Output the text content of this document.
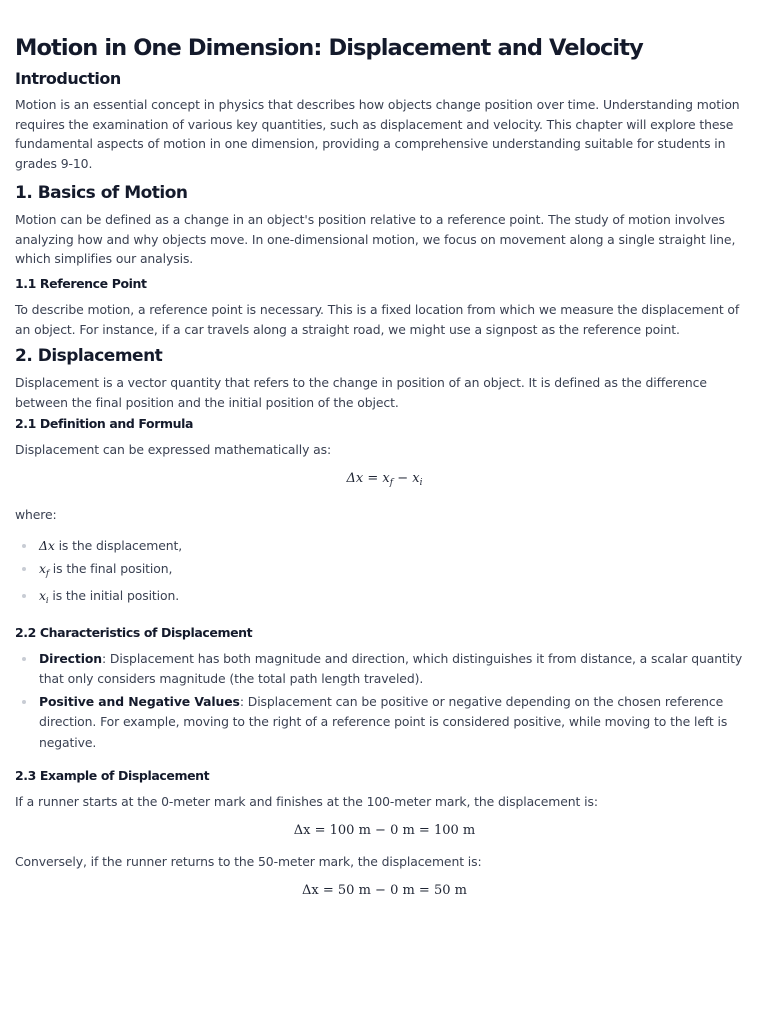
Motion in One Dimension: Displacement and Velocity
Introduction

Motion is an essential concept in physics that describes how objects change position over time. Understanding motion requires the examination of various key quantities, such as displacement and velocity. This chapter will explore these fundamental aspects of motion in one dimension, providing a comprehensive understanding suitable for students in grades 9-10.

1. Basics of Motion

Motion can be defined as a change in an object's position relative to a reference point. The study of motion involves analyzing how and why objects move. In one-dimensional motion, we focus on movement along a single straight line, which simplifies our analysis.

1.1 Reference Point

To describe motion, a reference point is necessary. This is a fixed location from which we measure the displacement of an object. For instance, if a car travels along a straight road, we might use a signpost as the reference point.

2. Displacement

Displacement is a vector quantity that refers to the change in position of an object. It is defined as the difference between the final position and the initial position of the object.

2.1 Definition and Formula

Displacement can be expressed mathematically as:

$\Delta x = x_f - x_i$

where:

Δx is the displacement,
$x_f$ is the final position,
$x_i$ is the initial position.
2.2 Characteristics of Displacement
Direction: Displacement has both magnitude and direction, which distinguishes it from distance, a scalar quantity that only considers magnitude (the total path length traveled).
Positive and Negative Values: Displacement can be positive or negative depending on the chosen reference direction. For example, moving to the right of a reference point is considered positive, while moving to the left is negative.
2.3 Example of Displacement

If a runner starts at the 0-meter mark and finishes at the 100-meter mark, the displacement is:

Δx = 100 m − 0 m = 100 m

Conversely, if the runner returns to the 50-meter mark, the displacement is:

Δx = 50 m − 0 m = 50 m
